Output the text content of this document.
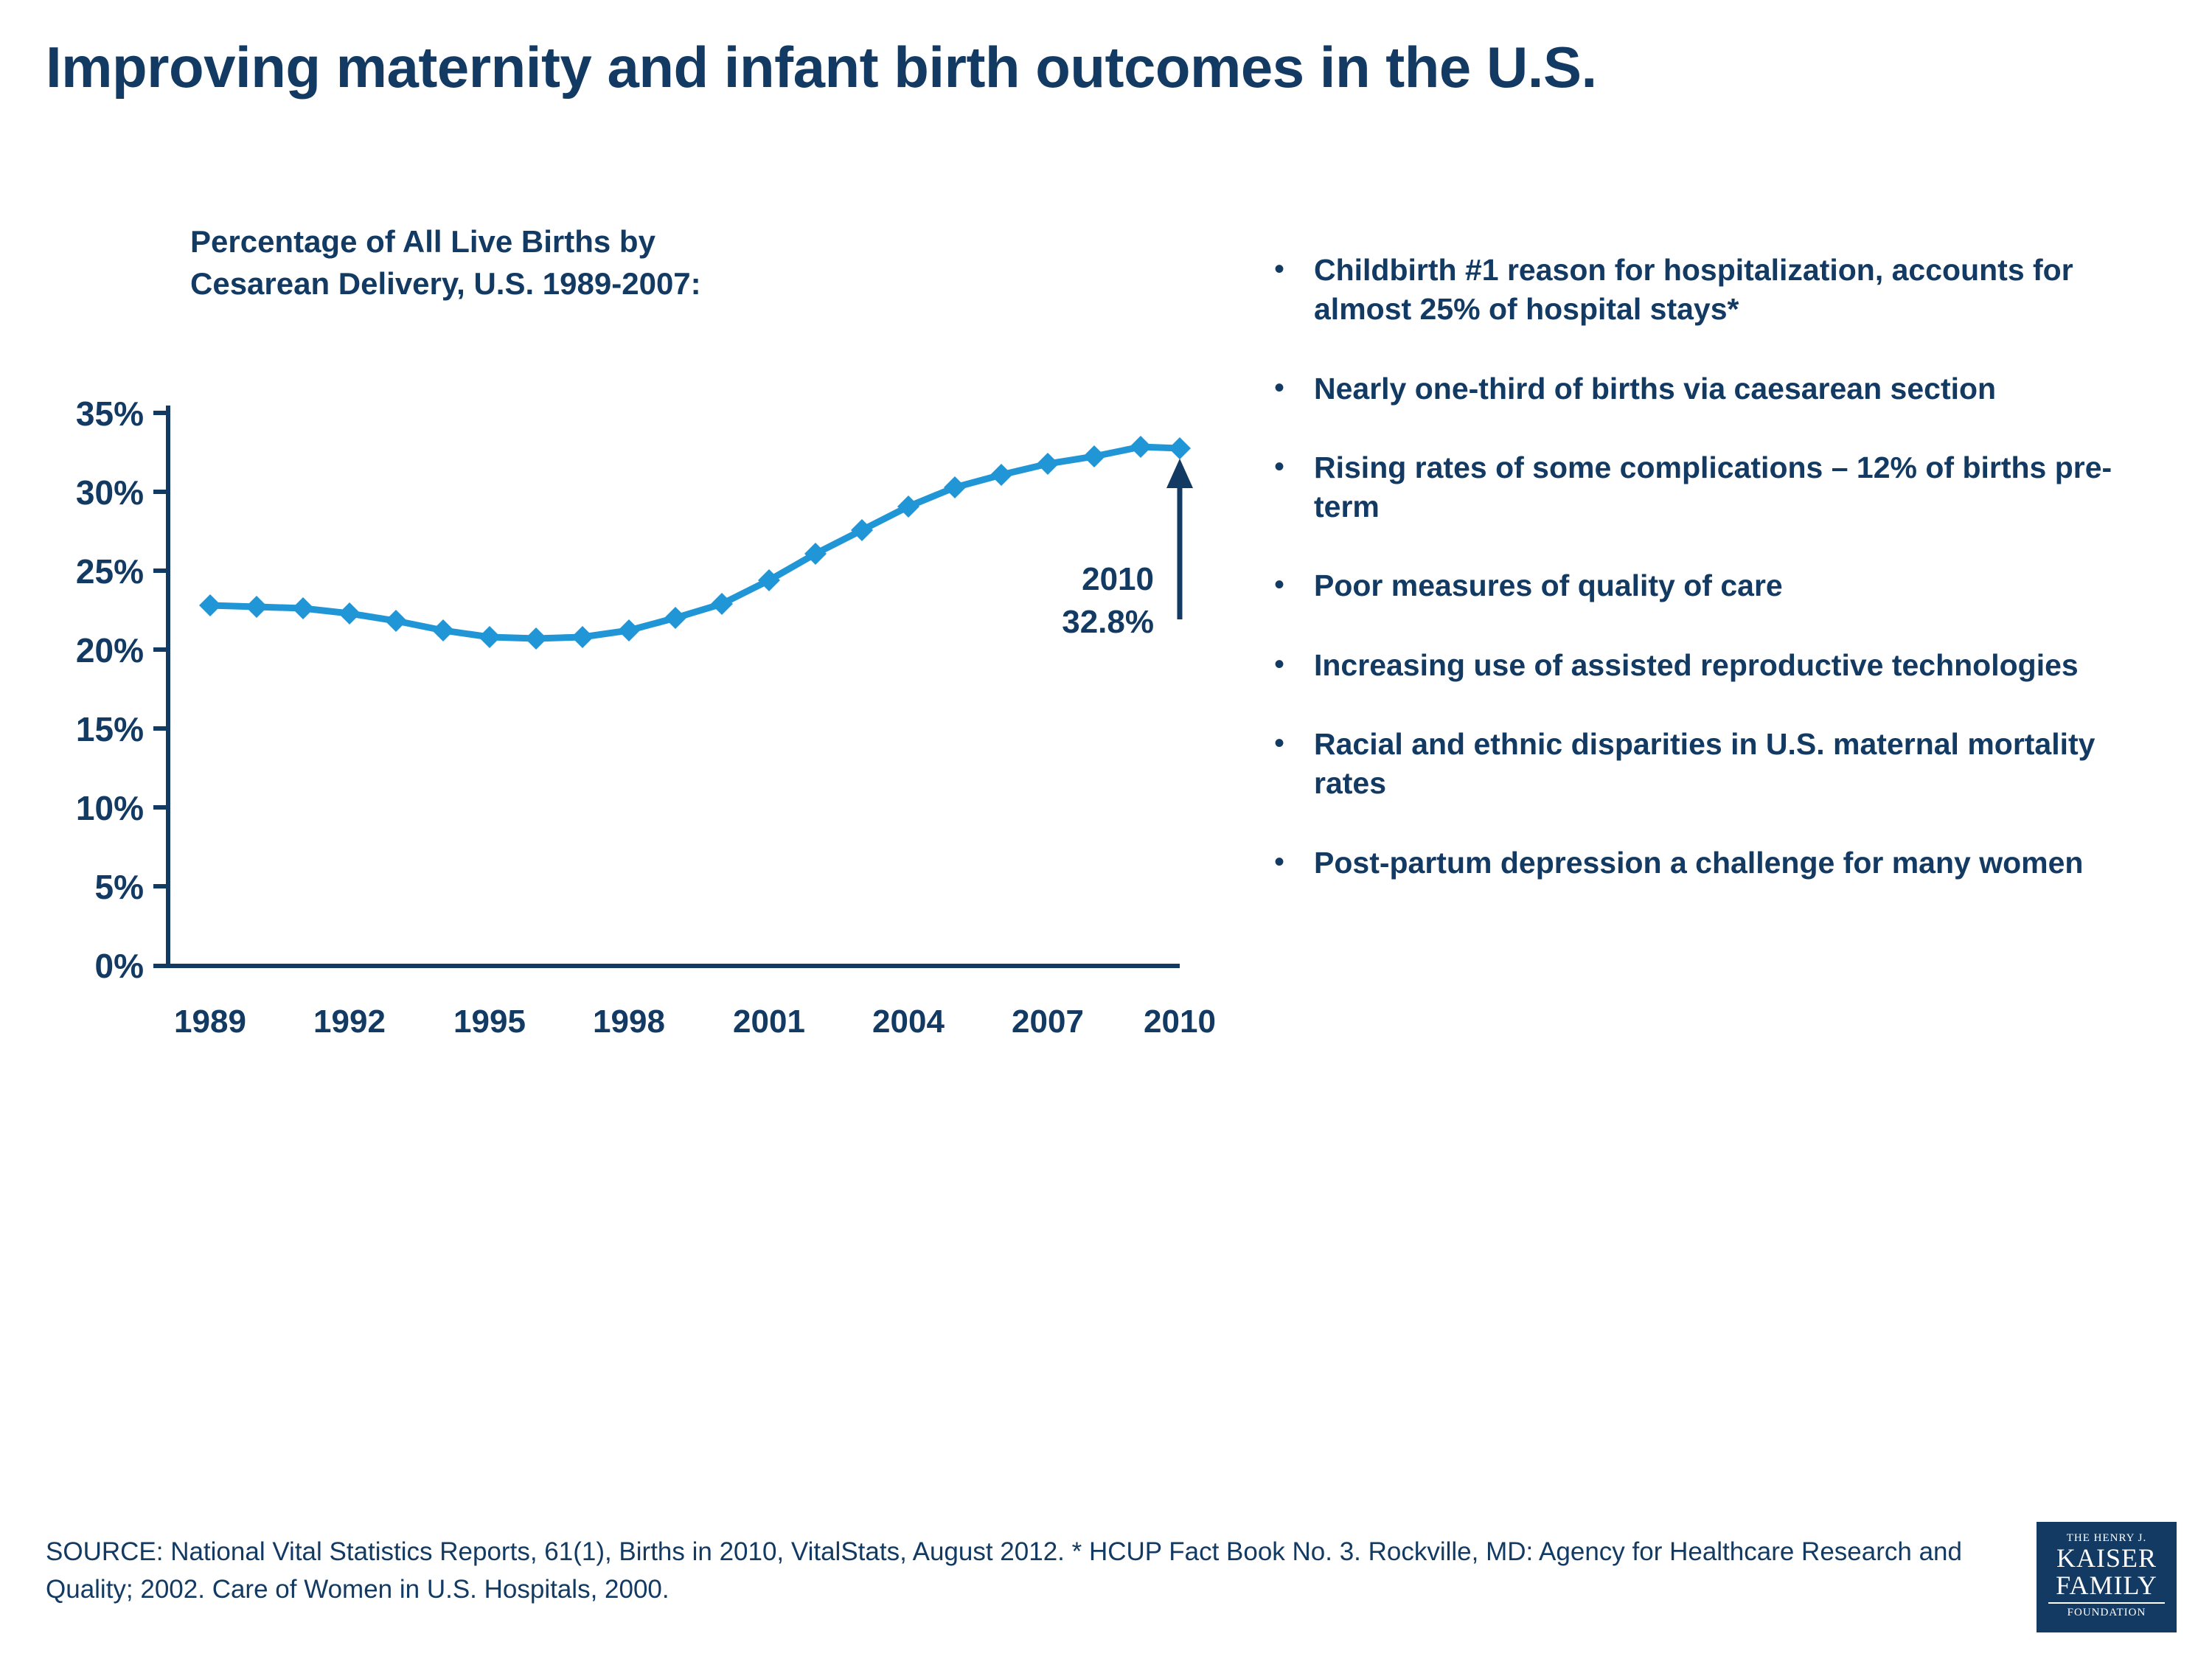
Improving maternity and infant birth outcomes in the U.S.
Percentage of All Live Births by
Cesarean Delivery, U.S. 1989-2007:
35%
30%
25%
20%
15%
10%
5%
0%
2010
32.8%
1989 1992 1995 1998 2001 2004 2007 2010
• Childbirth #1 reason for hospitalization, accounts for almost 25% of hospital stays*
• Nearly one-third of births via caesarean section
• Rising rates of some complications – 12% of births pre-term
• Poor measures of quality of care
• Increasing use of assisted reproductive technologies
• Racial and ethnic disparities in U.S. maternal mortality rates
• Post-partum depression a challenge for many women
SOURCE: National Vital Statistics Reports, 61(1), Births in 2010, VitalStats, August 2012. * HCUP Fact Book No. 3. Rockville, MD: Agency for Healthcare Research and Quality; 2002. Care of Women in U.S. Hospitals, 2000.
THE HENRY J.
KAISER
FAMILY
FOUNDATION
